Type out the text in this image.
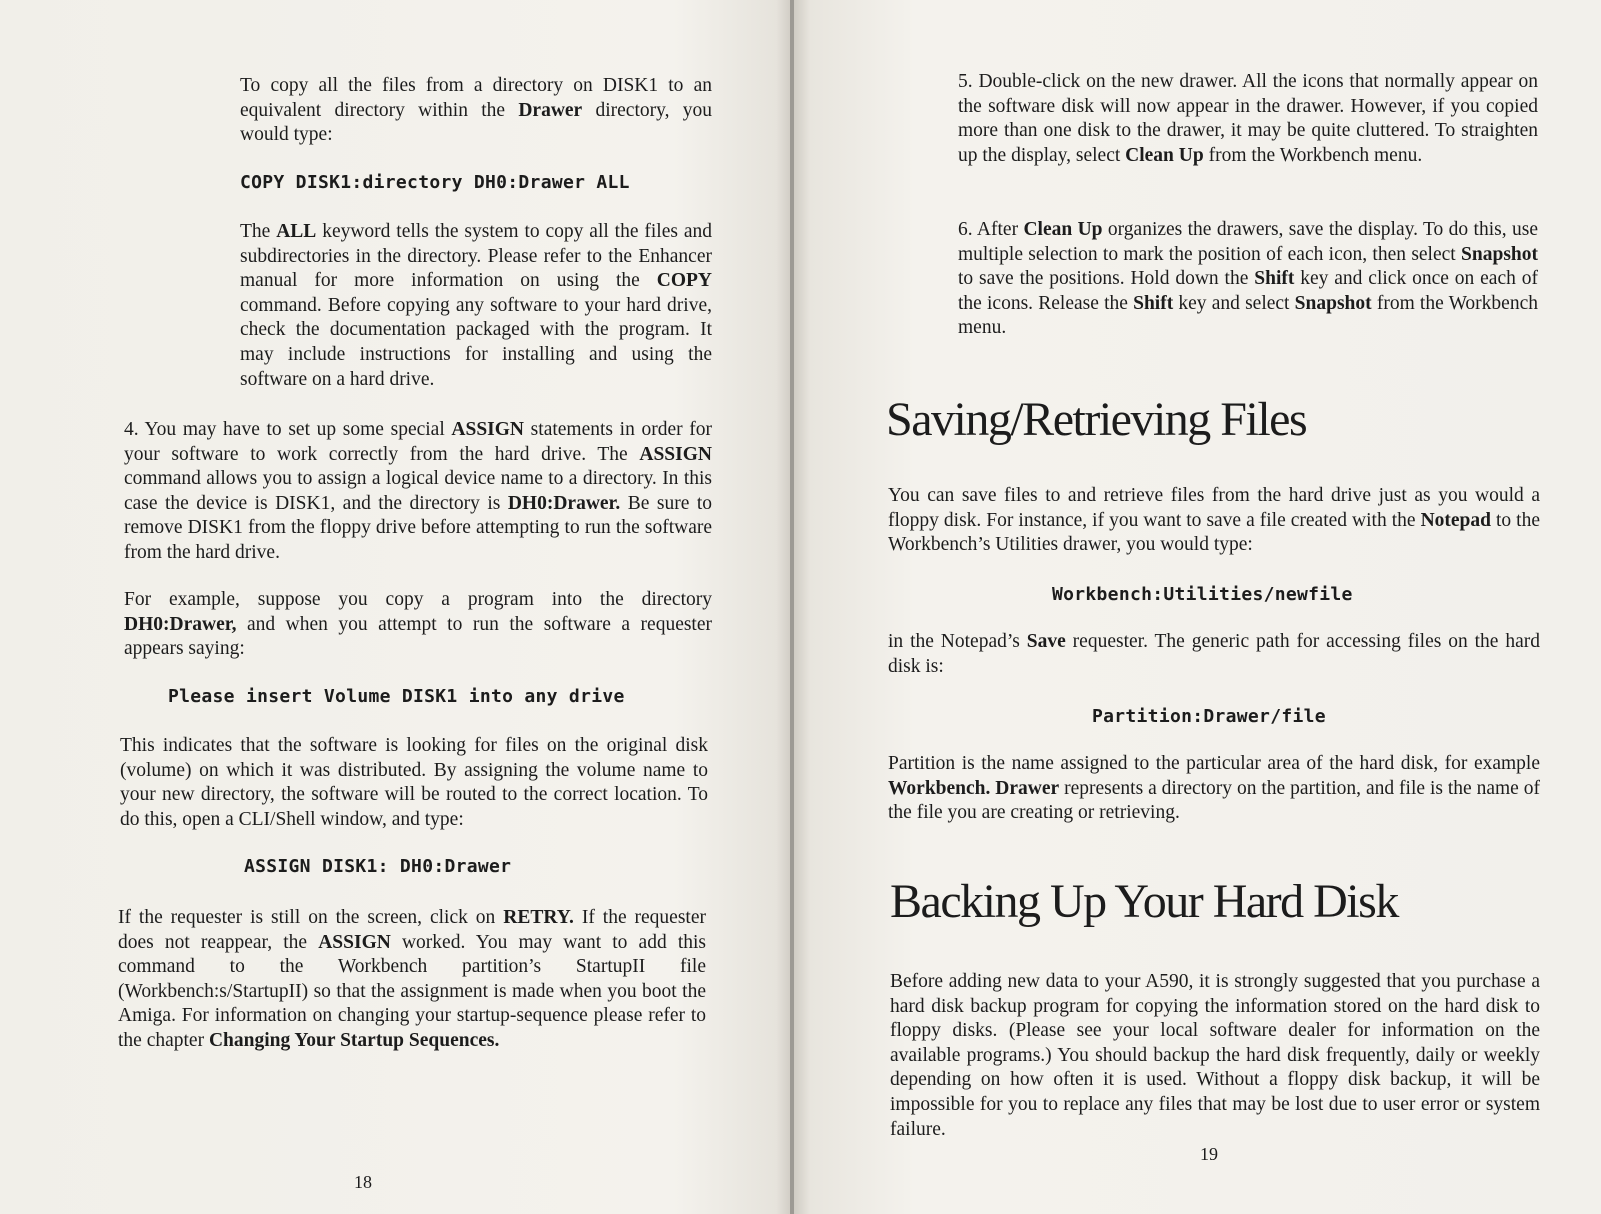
To copy all the files from a directory on DISK1 to an equivalent directory within the Drawer directory, you would type:

COPY DISK1:directory DH0:Drawer ALL

The ALL keyword tells the system to copy all the files and subdirectories in the directory. Please refer to the Enhancer manual for more information on using the COPY command. Before copying any software to your hard drive, check the documentation packaged with the program. It may include instructions for installing and using the software on a hard drive.

4. You may have to set up some special ASSIGN statements in order for your software to work correctly from the hard drive. The ASSIGN command allows you to assign a logical device name to a directory. In this case the device is DISK1, and the directory is DH0:Drawer. Be sure to remove DISK1 from the floppy drive before attempting to run the software from the hard drive.

For example, suppose you copy a program into the directory DH0:Drawer, and when you attempt to run the software a requester appears saying:

Please insert Volume DISK1 into any drive

This indicates that the software is looking for files on the original disk (volume) on which it was distributed. By assigning the volume name to your new directory, the software will be routed to the correct location. To do this, open a CLI/Shell window, and type:

ASSIGN DISK1: DH0:Drawer

If the requester is still on the screen, click on RETRY. If the requester does not reappear, the ASSIGN worked. You may want to add this command to the Workbench partition’s StartupII file (Workbench:s/StartupII) so that the assignment is made when you boot the Amiga. For information on changing your startup-sequence please refer to the chapter Changing Your Startup Sequences.

18

5. Double-click on the new drawer. All the icons that normally appear on the software disk will now appear in the drawer. However, if you copied more than one disk to the drawer, it may be quite cluttered. To straighten up the display, select Clean Up from the Workbench menu.

6. After Clean Up organizes the drawers, save the display. To do this, use multiple selection to mark the position of each icon, then select Snapshot to save the positions. Hold down the Shift key and click once on each of the icons. Release the Shift key and select Snapshot from the Workbench menu.

Saving/Retrieving Files

You can save files to and retrieve files from the hard drive just as you would a floppy disk. For instance, if you want to save a file created with the Notepad to the Workbench’s Utilities drawer, you would type:

Workbench:Utilities/newfile

in the Notepad’s Save requester. The generic path for accessing files on the hard disk is:

Partition:Drawer/file

Partition is the name assigned to the particular area of the hard disk, for example Workbench. Drawer represents a directory on the partition, and file is the name of the file you are creating or retrieving.

Backing Up Your Hard Disk

Before adding new data to your A590, it is strongly suggested that you purchase a hard disk backup program for copying the information stored on the hard disk to floppy disks. (Please see your local software dealer for information on the available programs.) You should backup the hard disk frequently, daily or weekly depending on how often it is used. Without a floppy disk backup, it will be impossible for you to replace any files that may be lost due to user error or system failure.

19
